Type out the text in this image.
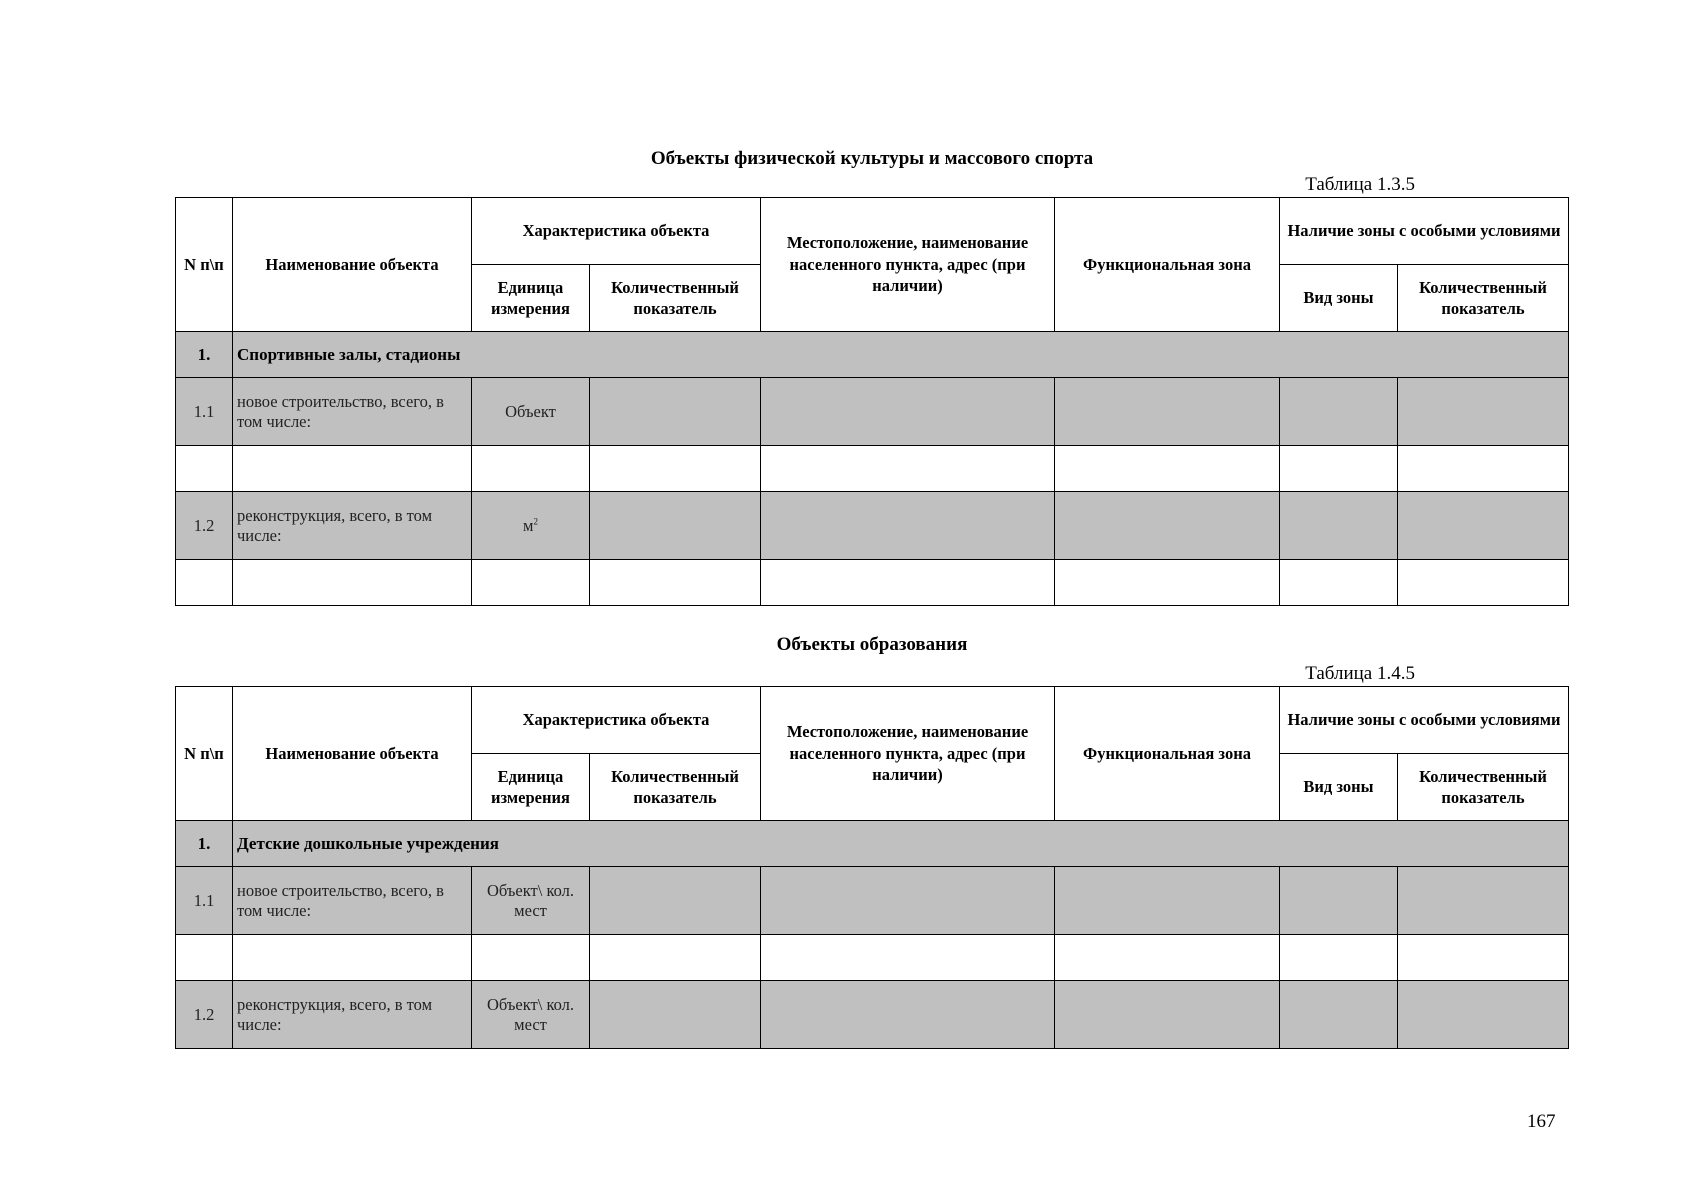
Объекты физической культуры и массового спорта
Таблица 1.3.5
N п\п	Наименование объекта	Характеристика объекта		Местоположение, наименование населенного пункта, адрес (при наличии)	Функциональная зона	Наличие зоны с особыми условиями	
		Единица измерения	Количественный показатель			Вид зоны	Количественный показатель
1.	Спортивные залы, стадионы						
1.1	новое строительство, всего, в том числе:	Объект					

1.2	реконструкция, всего, в том числе:	$м^2$					

Объекты образования
Таблица 1.4.5
N п\п	Наименование объекта	Характеристика объекта		Местоположение, наименование населенного пункта, адрес (при наличии)	Функциональная зона	Наличие зоны с особыми условиями	
		Единица измерения	Количественный показатель			Вид зоны	Количественный показатель
1.	Детские дошкольные учреждения						
1.1	новое строительство, всего, в том числе:	Объект\ кол. мест					

1.2	реконструкция, всего, в том числе:	Объект\ кол. мест					
167
